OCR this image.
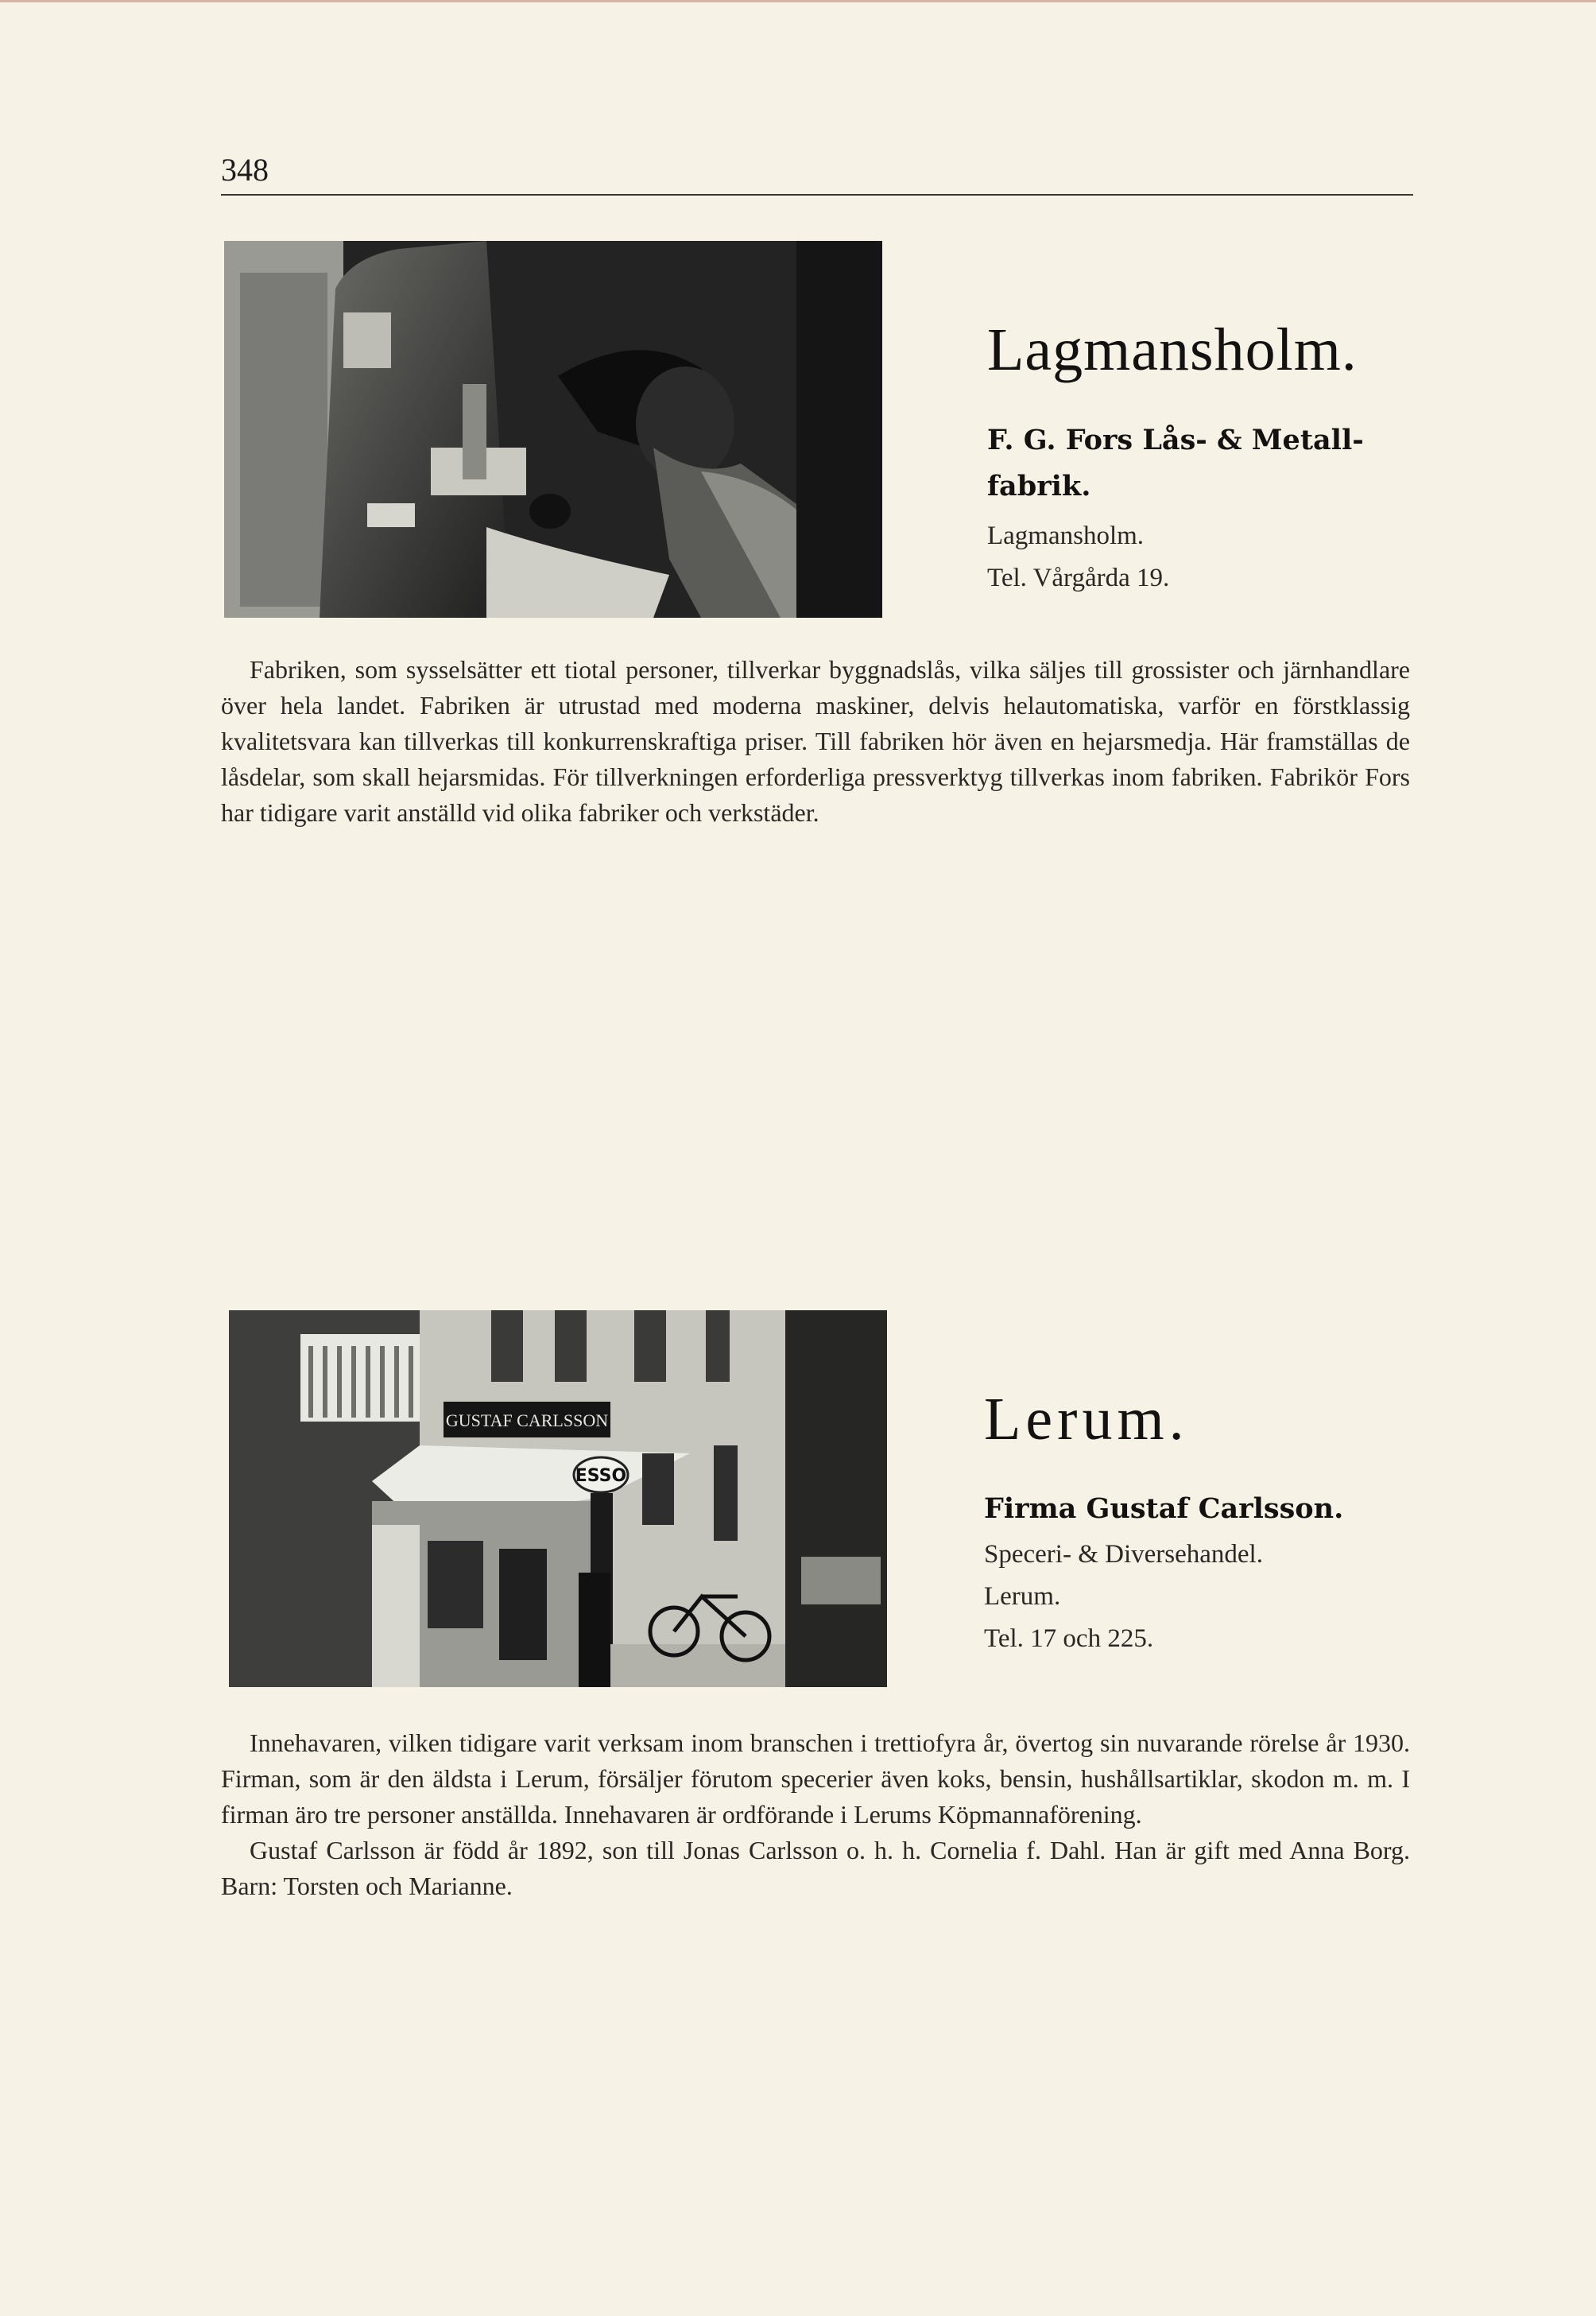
348
Lagmansholm.
F. G. Fors Lås- & Metall-fabrik.
Lagmansholm.
Tel. Vårgårda 19.

Fabriken, som sysselsätter ett tiotal personer, tillverkar byggnadslås, vilka säljes till grossister och järnhandlare över hela landet. Fabriken är utrustad med moderna maskiner, delvis helautomatiska, varför en förstklassig kvalitetsvara kan tillverkas till konkurrenskraftiga priser. Till fabriken hör även en hejarsmedja. Här framställas de låsdelar, som skall hejarsmidas. För tillverkningen erforderliga pressverktyg tillverkas inom fabriken. Fabrikör Fors har tidigare varit anställd vid olika fabriker och verkstäder.

GUSTAF CARLSSON
ESSO
Lerum.
Firma Gustaf Carlsson.
Speceri- & Diversehandel.
Lerum.
Tel. 17 och 225.

Innehavaren, vilken tidigare varit verksam inom branschen i trettiofyra år, övertog sin nuvarande rörelse år 1930. Firman, som är den äldsta i Lerum, försäljer förutom specerier även koks, bensin, hushållsartiklar, skodon m. m. I firman äro tre personer anställda. Innehavaren är ordförande i Lerums Köpmannaförening.

Gustaf Carlsson är född år 1892, son till Jonas Carlsson o. h. h. Cornelia f. Dahl. Han är gift med Anna Borg. Barn: Torsten och Marianne.
